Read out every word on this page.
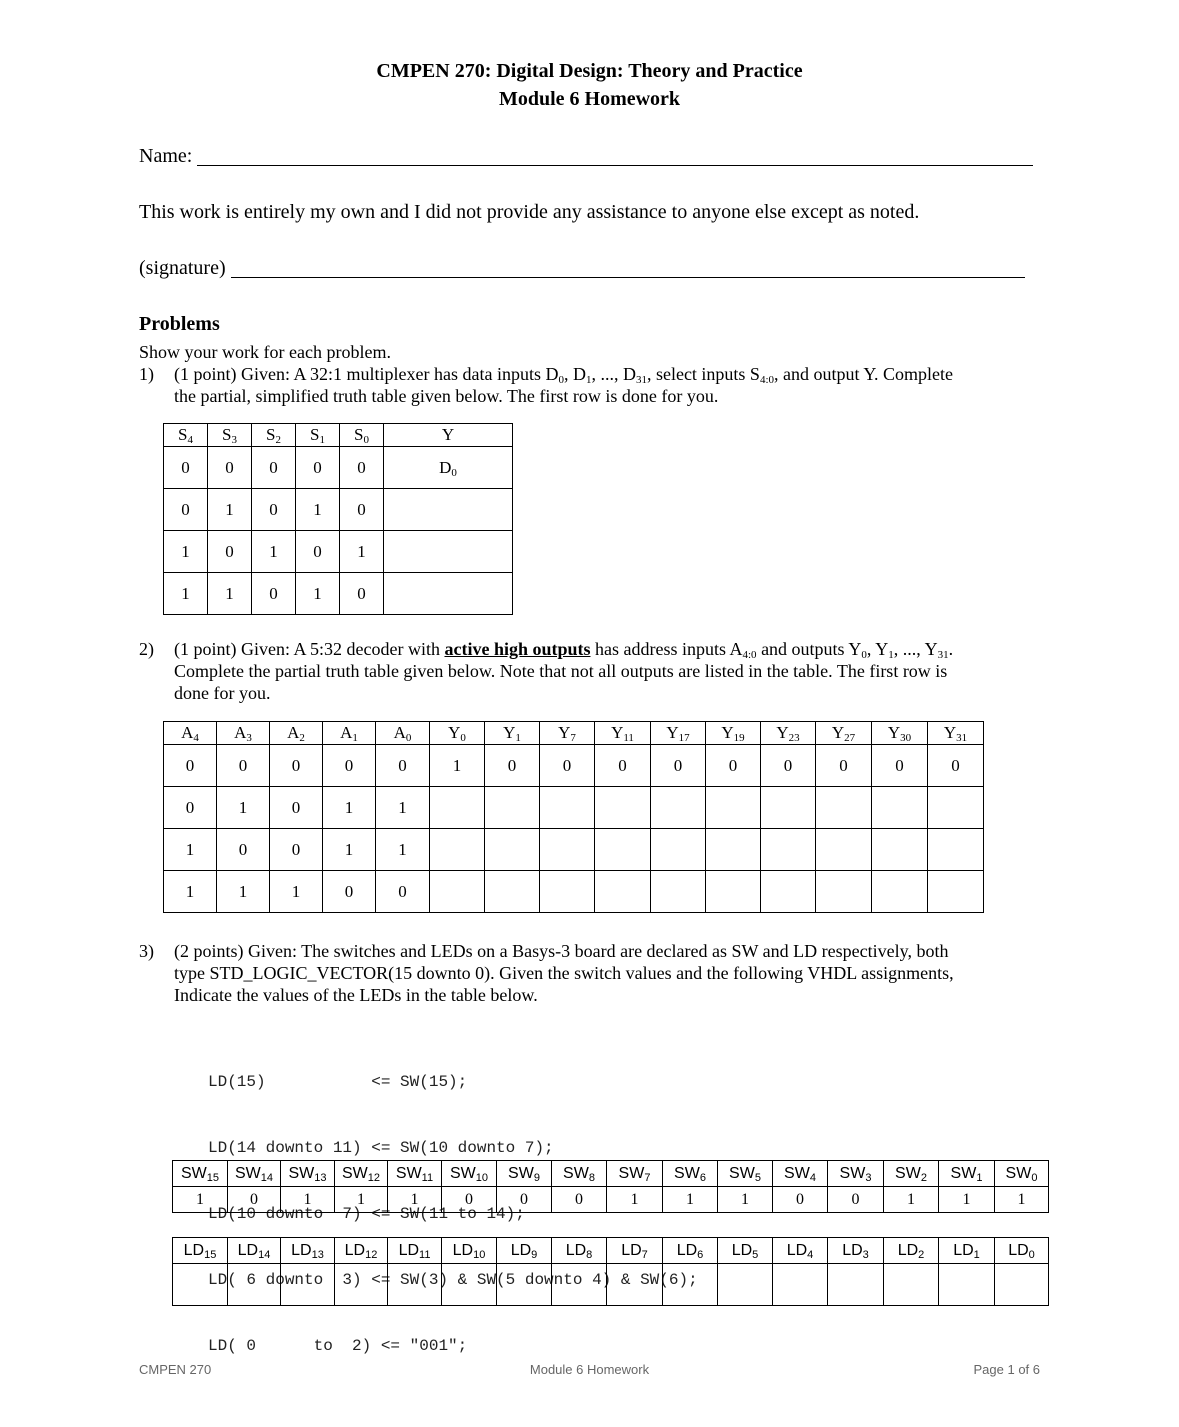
CMPEN 270: Digital Design: Theory and Practice
Module 6 Homework
Name:
This work is entirely my own and I did not provide any assistance to anyone else except as noted.
(signature)
Problems
Show your work for each problem.
1) (1 point) Given: A 32:1 multiplexer has data inputs $D_0$, $D_1$, ..., $D_{31}$, select inputs $S_{4:0}$, and output Y. Complete
the partial, simplified truth table given below. The first row is done for you.
$S_4$	$S_3$	$S_2$	$S_1$	$S_0$	Y
0	0	0	0	0	$D_0$
0	1	0	1	0	
1	0	1	0	1	
1	1	0	1	0	
2) (1 point) Given: A 5:32 decoder with active high outputs has address inputs $A_{4:0}$ and outputs $Y_0$, $Y_1$, ..., $Y_{31}$.
Complete the partial truth table given below. Note that not all outputs are listed in the table. The first row is
done for you.
$A_4$	$A_3$	$A_2$	$A_1$	$A_0$	$Y_0$	$Y_1$	$Y_7$	$Y_{11}$	$Y_{17}$	$Y_{19}$	$Y_{23}$	$Y_{27}$	$Y_{30}$	$Y_{31}$
0	0	0	0	0	1	0	0	0	0	0	0	0	0	0
0	1	0	1	1										
1	0	0	1	1										
1	1	1	0	0										
3) (2 points) Given: The switches and LEDs on a Basys-3 board are declared as SW and LD respectively, both
type STD_LOGIC_VECTOR(15 downto 0). Given the switch values and the following VHDL assignments,
Indicate the values of the LEDs in the table below.

LD(15)           <= SW(15);

LD(14 downto 11) <= SW(10 downto 7);

LD(10 downto  7) <= SW(11 to 14);

LD( 6 downto  3) <= SW(3) & SW(5 downto 4) & SW(6);

LD( 0      to  2) <= "001";

$SW_{15}$	$SW_{14}$	$SW_{13}$	$SW_{12}$	$SW_{11}$	$SW_{10}$	$SW_9$	$SW_8$	$SW_7$	$SW_6$	$SW_5$	$SW_4$	$SW_3$	$SW_2$	$SW_1$	$SW_0$
1	0	1	1	1	0	0	0	1	1	1	0	0	1	1	1
$LD_{15}$	$LD_{14}$	$LD_{13}$	$LD_{12}$	$LD_{11}$	$LD_{10}$	$LD_9$	$LD_8$	$LD_7$	$LD_6$	$LD_5$	$LD_4$	$LD_3$	$LD_2$	$LD_1$	$LD_0$

CMPEN 270	Module 6 Homework	Page 1 of 6
